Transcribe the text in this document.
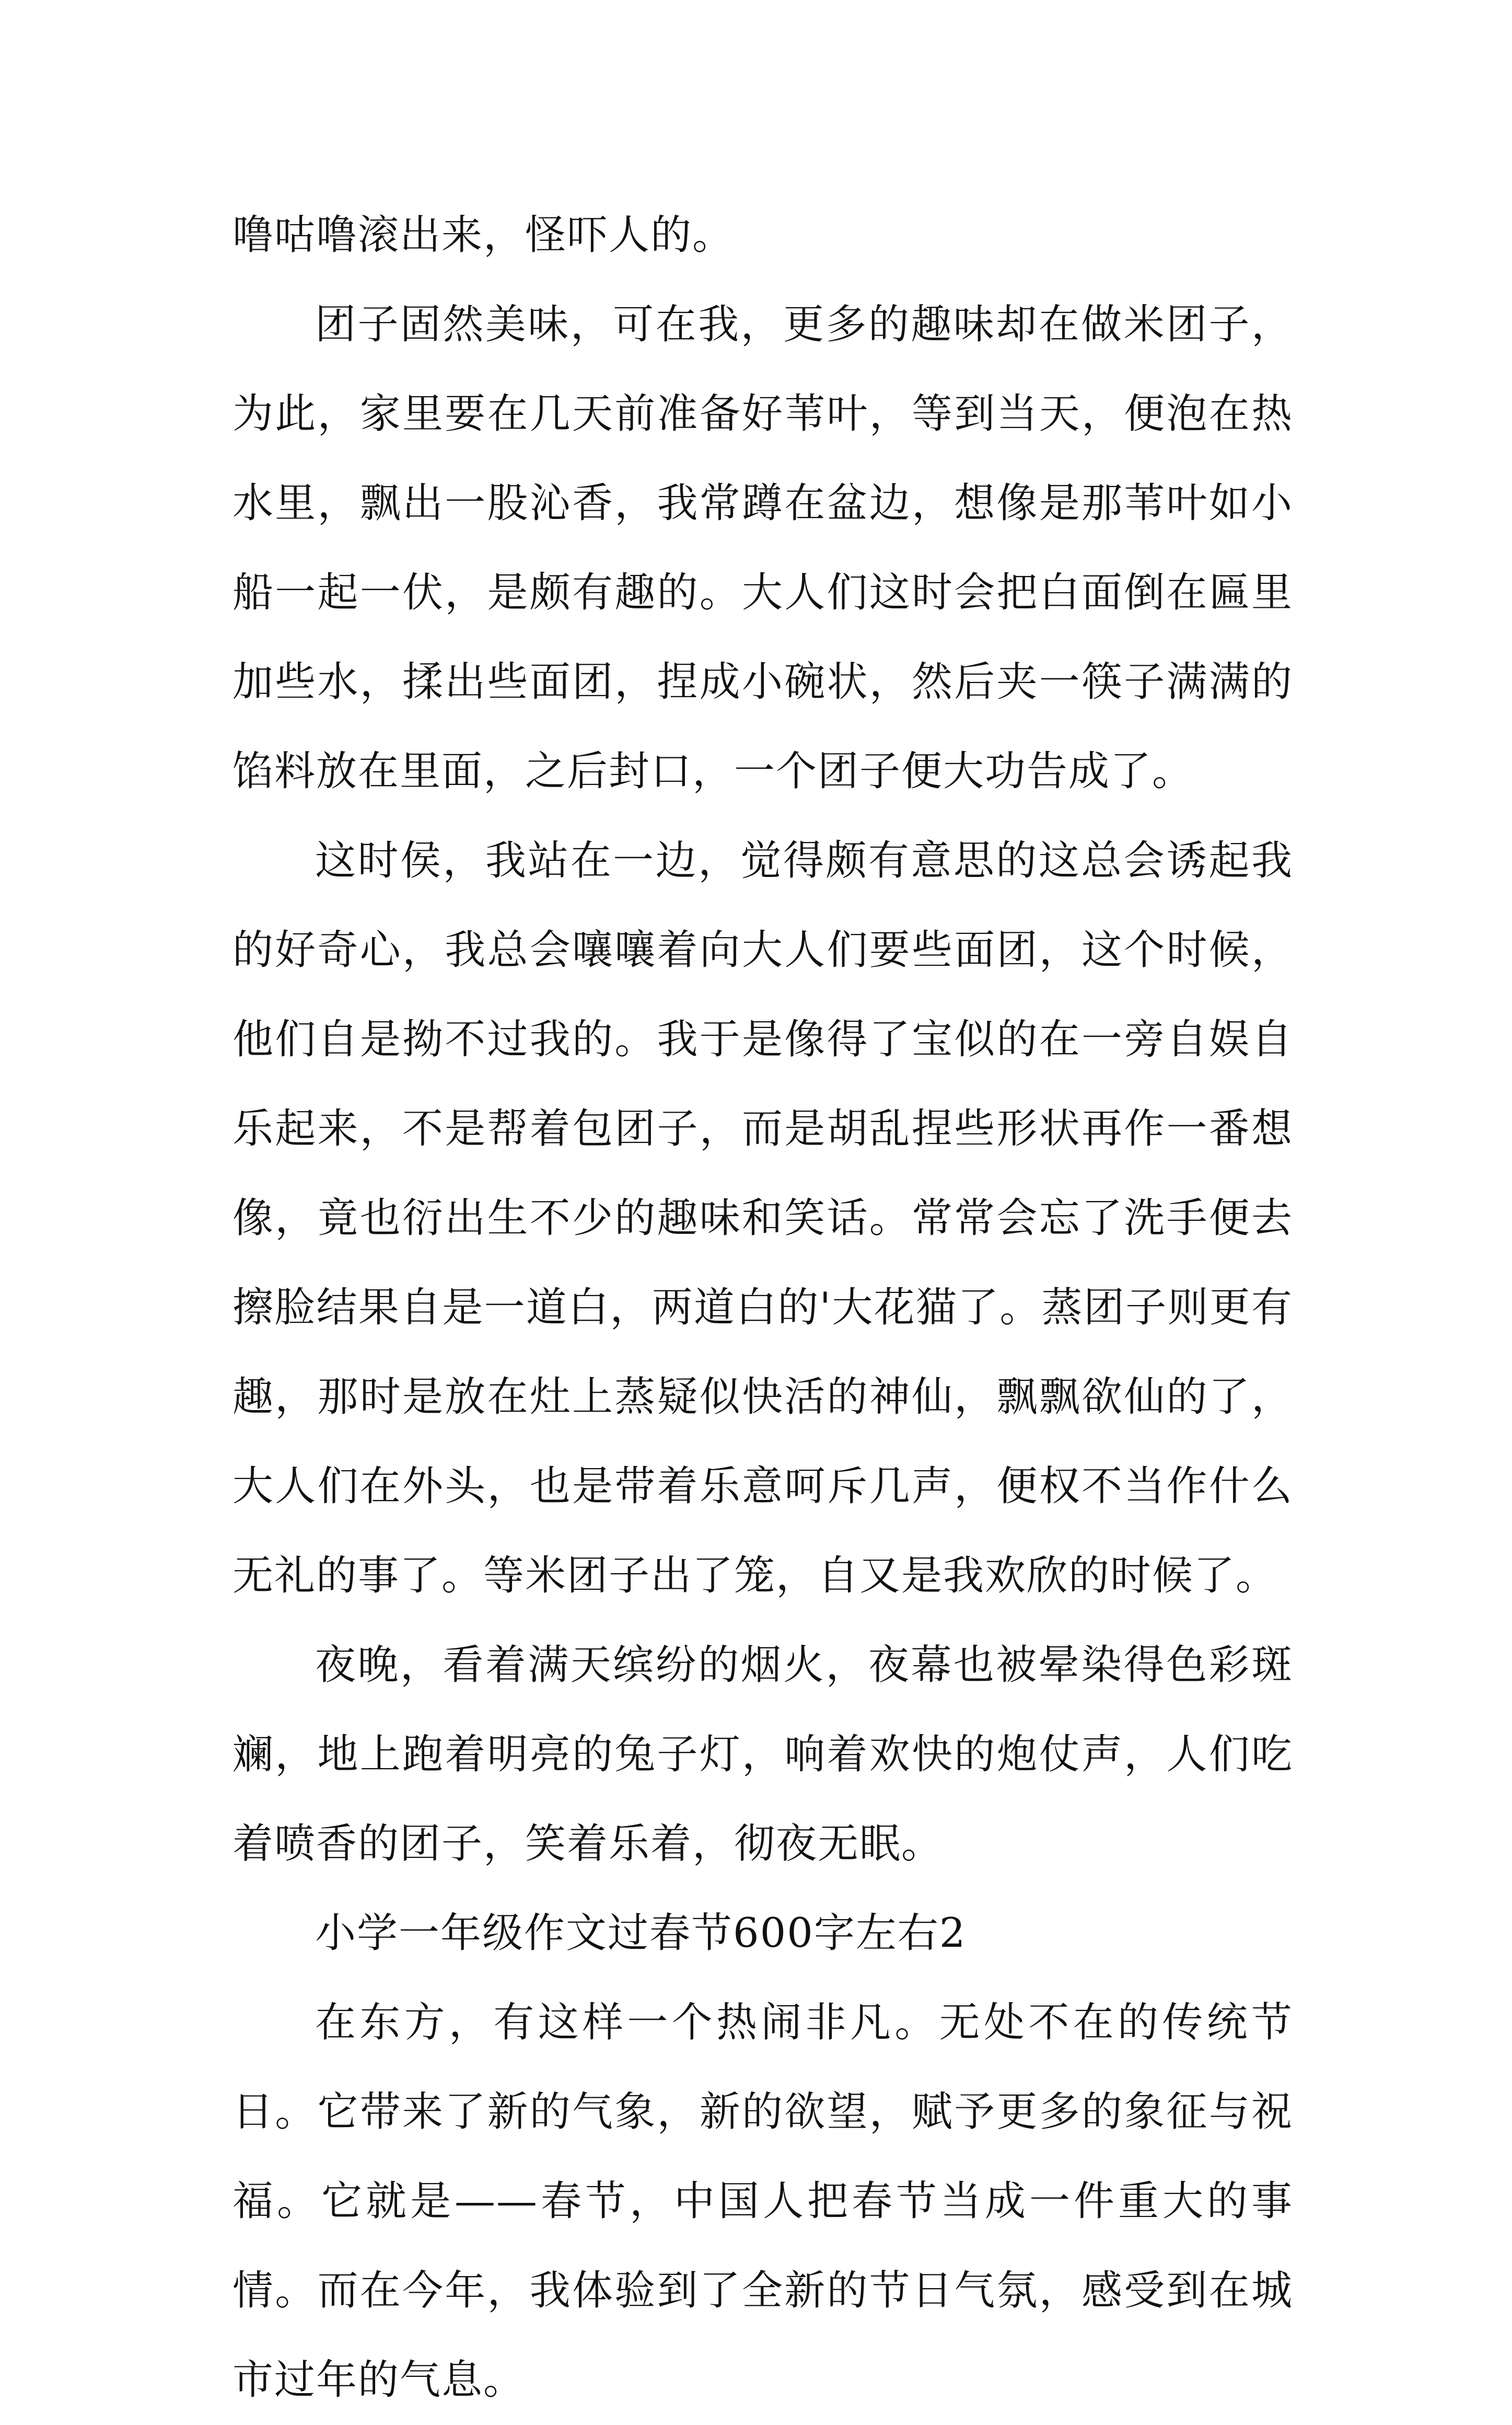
噜咕噜滚出来，怪吓人的。

团子固然美味，可在我，更多的趣味却在做米团子，为此，家里要在几天前准备好苇叶，等到当天，便泡在热水里，飘出一股沁香，我常蹲在盆边，想像是那苇叶如小船一起一伏，是颇有趣的。大人们这时会把白面倒在匾里加些水，揉出些面团，捏成小碗状，然后夹一筷子满满的馅料放在里面，之后封口，一个团子便大功告成了。

这时侯，我站在一边，觉得颇有意思的这总会诱起我的好奇心，我总会嚷嚷着向大人们要些面团，这个时候，他们自是拗不过我的。我于是像得了宝似的在一旁自娱自乐起来，不是帮着包团子，而是胡乱捏些形状再作一番想像，竟也衍出生不少的趣味和笑话。常常会忘了洗手便去擦脸结果自是一道白，两道白的'大花猫了。蒸团子则更有趣，那时是放在灶上蒸疑似快活的神仙，飘飘欲仙的了，大人们在外头，也是带着乐意呵斥几声，便权不当作什么无礼的事了。等米团子出了笼，自又是我欢欣的时候了。

夜晚，看着满天缤纷的烟火，夜幕也被晕染得色彩斑斓，地上跑着明亮的兔子灯，响着欢快的炮仗声，人们吃着喷香的团子，笑着乐着，彻夜无眠。

小学一年级作文过春节600字左右2

在东方，有这样一个热闹非凡。无处不在的传统节日。它带来了新的气象，新的欲望，赋予更多的象征与祝福。它就是——春节，中国人把春节当成一件重大的事情。而在今年，我体验到了全新的节日气氛，感受到在城市过年的气息。
